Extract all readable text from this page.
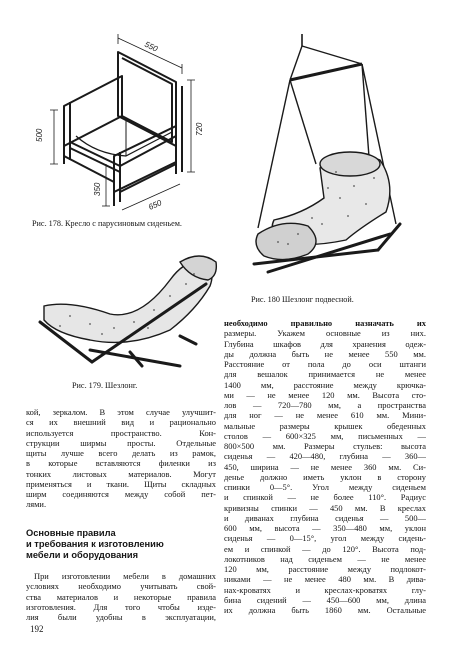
550
500	720
350
650
Рис. 178. Кресло с парусиновым сиденьем.
Рис. 180 Шезлонг подвесной.
Рис. 179. Шезлонг.
кой, зеркалом. В этом случае улучшит-
ся их внешний вид и рационально
используется пространство. Кон-
струкции ширмы просты. Отдельные
щиты лучше всего делать из рамок,
в которые вставляются филенки из
тонких листовых материалов. Могут
применяться и ткани. Щиты складных
ширм соединяются между собой пет-
лями.
Основные правила
и требования к изготовлению
мебели и оборудования
При изготовлении мебели в домашних
условиях необходимо учитывать свой-
ства материалов и некоторые правила
изготовления. Для того чтобы изде-
лия были удобны в эксплуатации,
необходимо правильно назначать их
размеры. Укажем основные из них.
Глубина шкафов для хранения одеж-
ды должна быть не менее 550 мм.
Расстояние от пола до оси штанги
для вешалок принимается не менее
1400 мм, расстояние между крючка-
ми — не менее 120 мм. Высота сто-
лов — 720—780 мм, а пространства
для ног — не менее 610 мм. Мини-
мальные размеры крышек обеденных
столов — 600×325 мм, письменных —
800×500 мм. Размеры стульев: высота
сиденья — 420—480, глубина — 360—
450, ширина — не менее 360 мм. Си-
денье должно иметь уклон в сторону
спинки 0—5°. Угол между сиденьем
и спинкой — не более 110°. Радиус
кривизны спинки — 450 мм. В креслах
и диванах глубина сиденья — 500—
600 мм, высота — 350—480 мм, уклон
сиденья — 0—15°, угол между сидень-
ем и спинкой — до 120°. Высота под-
локотников над сиденьем — не менее
120 мм, расстояние между подлокот-
никами — не менее 480 мм. В дива-
нах-кроватях и креслах-кроватях глу-
бина сидений — 450—600 мм, длина
их должна быть 1860 мм. Остальные
192
